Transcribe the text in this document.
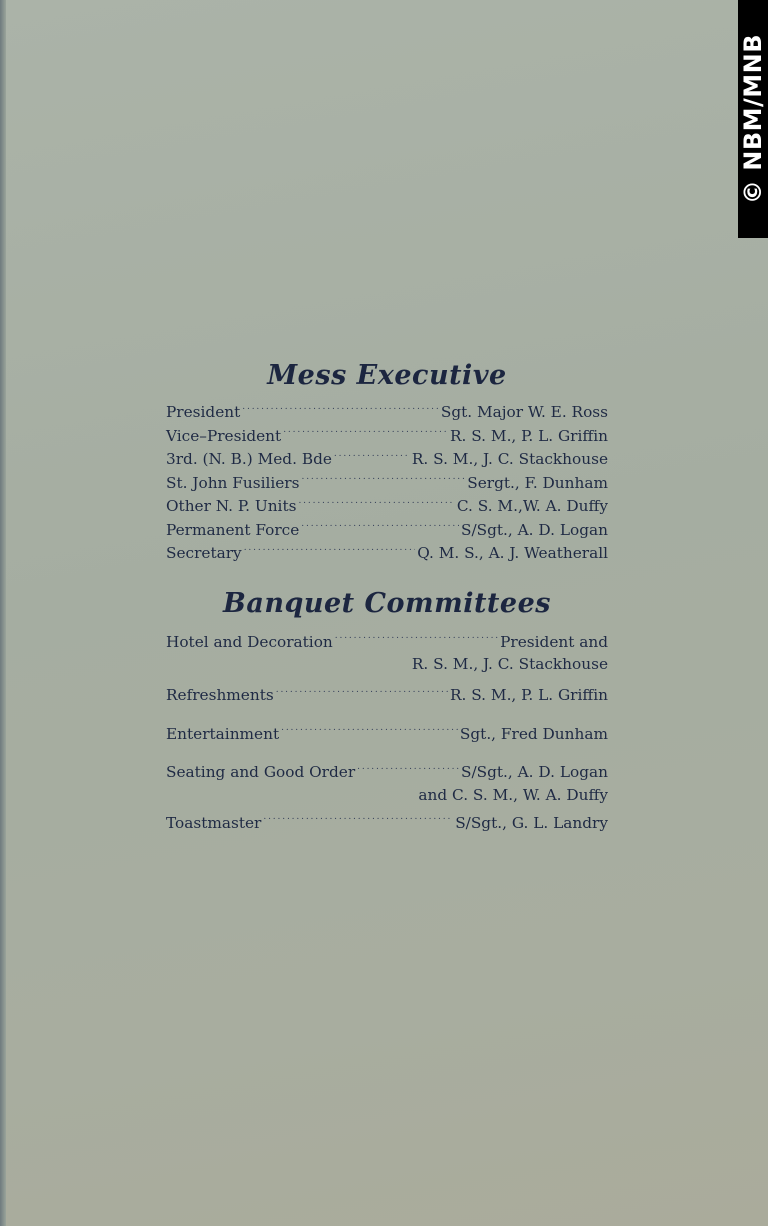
© NBM/MNB
Mess Executive
President . . .	Sgt. Major W. E. Ross
Vice–President . . .	R. S. M., P. L. Griffin
3rd. (N. B.) Med. Bde . . .	R. S. M., J. C. Stackhouse
St. John Fusiliers . . .	Sergt., F. Dunham
Other N. P. Units . . .	C. S. M.,W. A. Duffy
Permanent Force . . .	S/Sgt., A. D. Logan
Secretary . . .	Q. M. S., A. J. Weatherall
Banquet Committees
Hotel and Decoration . . .	President and
R. S. M., J. C. Stackhouse
Refreshments . . .	R. S. M., P. L. Griffin
Entertainment . . .	Sgt., Fred Dunham
Seating and Good Order . . .	S/Sgt., A. D. Logan
and C. S. M., W. A. Duffy
Toastmaster . . .	S/Sgt., G. L. Landry
